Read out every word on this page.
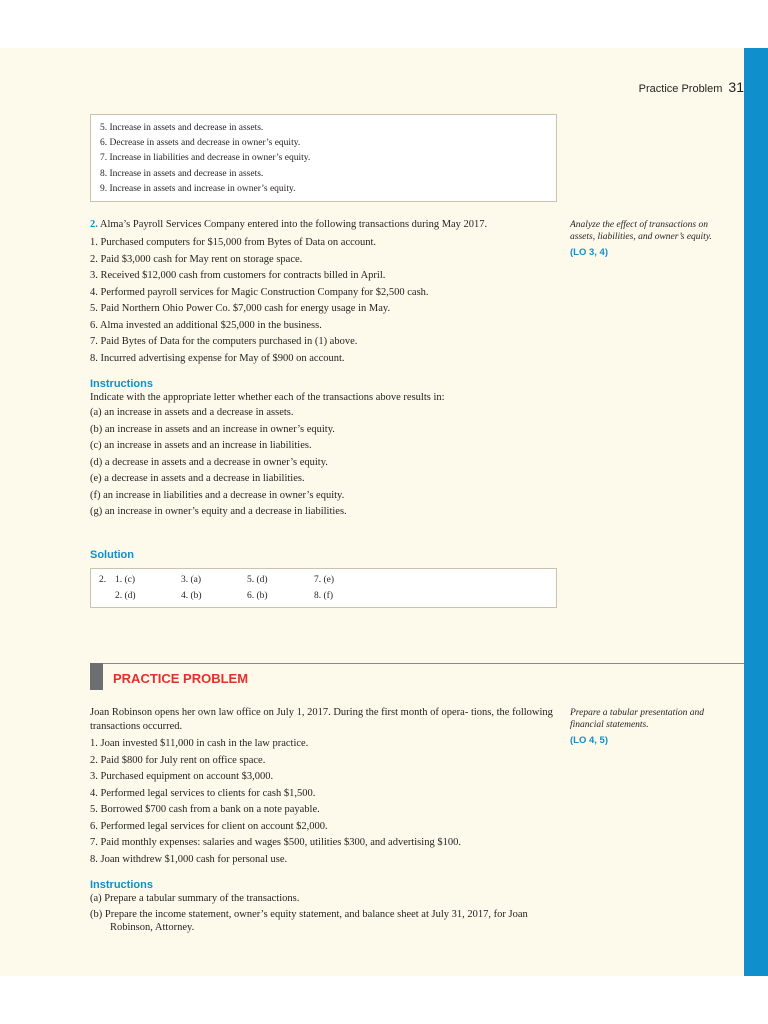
Practice Problem 31
5. Increase in assets and decrease in assets.
6. Decrease in assets and decrease in owner’s equity.
7. Increase in liabilities and decrease in owner’s equity.
8. Increase in assets and decrease in assets.
9. Increase in assets and increase in owner’s equity.
2. Alma’s Payroll Services Company entered into the following transactions during May 2017.
1. Purchased computers for $15,000 from Bytes of Data on account.
2. Paid $3,000 cash for May rent on storage space.
3. Received $12,000 cash from customers for contracts billed in April.
4. Performed payroll services for Magic Construction Company for $2,500 cash.
5. Paid Northern Ohio Power Co. $7,000 cash for energy usage in May.
6. Alma invested an additional $25,000 in the business.
7. Paid Bytes of Data for the computers purchased in (1) above.
8. Incurred advertising expense for May of $900 on account.
Instructions
Indicate with the appropriate letter whether each of the transactions above results in:
(a) an increase in assets and a decrease in assets.
(b) an increase in assets and an increase in owner’s equity.
(c) an increase in assets and an increase in liabilities.
(d) a decrease in assets and a decrease in owner’s equity.
(e) a decrease in assets and a decrease in liabilities.
(f) an increase in liabilities and a decrease in owner’s equity.
(g) an increase in owner’s equity and a decrease in liabilities.
Solution
2. 1. (c)
2. (d)
3. (a)
4. (b)
5. (d)
6. (b)
7. (e)
8. (f)
Analyze the effect of transactions on assets, liabilities, and owner’s equity.
(LO 3, 4)
PRACTICE PROBLEM
Joan Robinson opens her own law office on July 1, 2017. During the first month of opera- tions, the following transactions occurred.
1. Joan invested $11,000 in cash in the law practice.
2. Paid $800 for July rent on office space.
3. Purchased equipment on account $3,000.
4. Performed legal services to clients for cash $1,500.
5. Borrowed $700 cash from a bank on a note payable.
6. Performed legal services for client on account $2,000.
7. Paid monthly expenses: salaries and wages $500, utilities $300, and advertising $100.
8. Joan withdrew $1,000 cash for personal use.
Instructions
(a) Prepare a tabular summary of the transactions.
(b) Prepare the income statement, owner’s equity statement, and balance sheet at July 31, 2017, for Joan Robinson, Attorney.
Prepare a tabular presentation and financial statements.
(LO 4, 5)
